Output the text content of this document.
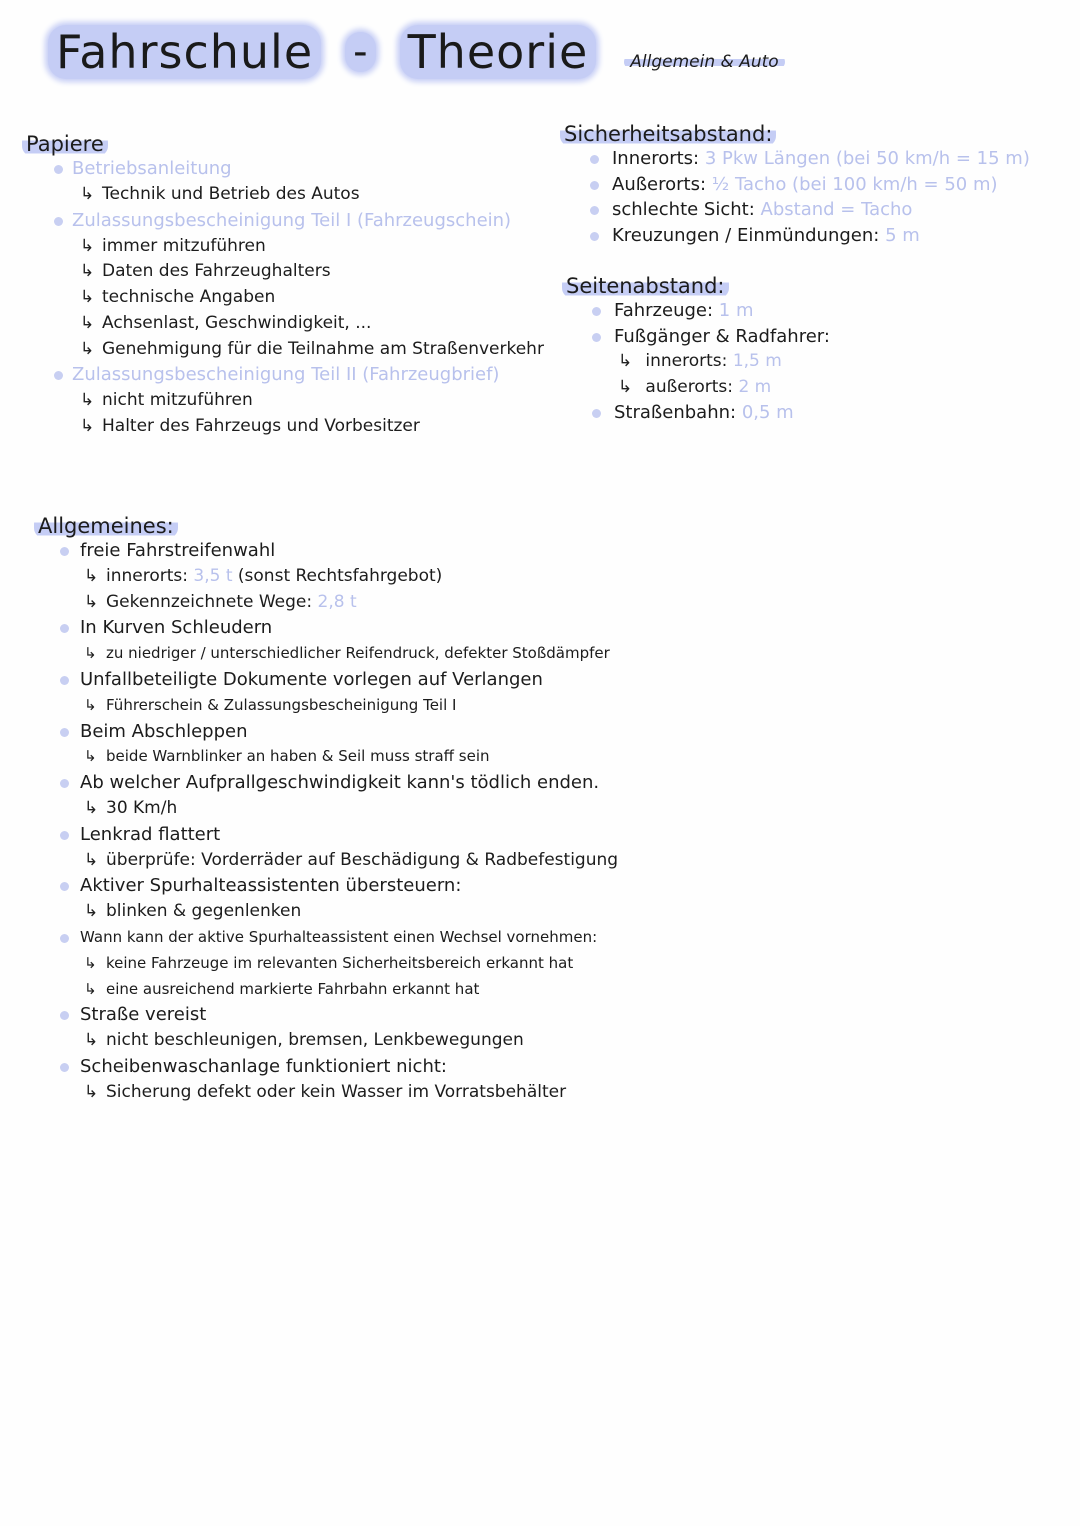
Fahrschule - Theorie	Allgemein & Auto
Papiere
Betriebsanleitung
↳ Technik und Betrieb des Autos
Zulassungsbescheinigung Teil I (Fahrzeugschein)
↳ immer mitzuführen
↳ Daten des Fahrzeughalters
↳ technische Angaben
↳ Achsenlast, Geschwindigkeit, ...
↳ Genehmigung für die Teilnahme am Straßenverkehr
Zulassungsbescheinigung Teil II (Fahrzeugbrief)
↳ nicht mitzuführen
↳ Halter des Fahrzeugs und Vorbesitzer
Sicherheitsabstand:
Innerorts: 3 Pkw Längen (bei 50 km/h = 15 m)
Außerorts: ½ Tacho (bei 100 km/h = 50 m)
schlechte Sicht: Abstand = Tacho
Kreuzungen / Einmündungen: 5 m
Seitenabstand:
Fahrzeuge: 1 m
Fußgänger & Radfahrer:
↳ innerorts: 1,5 m
↳ außerorts: 2 m
Straßenbahn: 0,5 m
Allgemeines:
freie Fahrstreifenwahl
↳ innerorts: 3,5 t (sonst Rechtsfahrgebot)
↳ Gekennzeichnete Wege: 2,8 t
In Kurven Schleudern
↳ zu niedriger / unterschiedlicher Reifendruck, defekter Stoßdämpfer
Unfallbeteiligte Dokumente vorlegen auf Verlangen
↳ Führerschein & Zulassungsbescheinigung Teil I
Beim Abschleppen
↳ beide Warnblinker an haben & Seil muss straff sein
Ab welcher Aufprallgeschwindigkeit kann's tödlich enden.
↳ 30 Km/h
Lenkrad flattert
↳ überprüfe: Vorderräder auf Beschädigung & Radbefestigung
Aktiver Spurhalteassistenten übersteuern:
↳ blinken & gegenlenken
Wann kann der aktive Spurhalteassistent einen Wechsel vornehmen:
↳ keine Fahrzeuge im relevanten Sicherheitsbereich erkannt hat
↳ eine ausreichend markierte Fahrbahn erkannt hat
Straße vereist
↳ nicht beschleunigen, bremsen, Lenkbewegungen
Scheibenwaschanlage funktioniert nicht:
↳ Sicherung defekt oder kein Wasser im Vorratsbehälter
